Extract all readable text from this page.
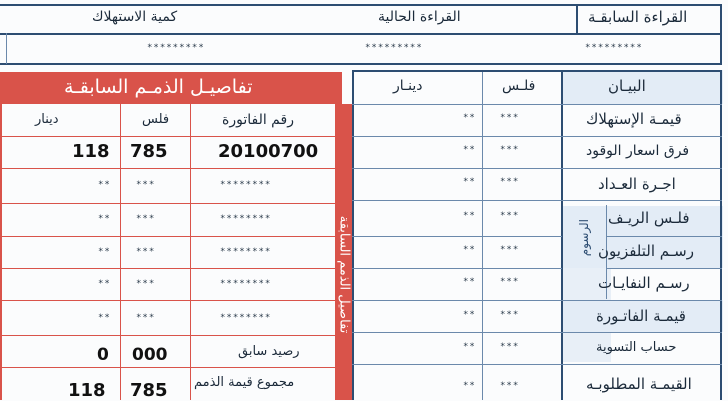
القراءة السابقـة
القراءة الحالية
كمية الاستهلاك
*********
*********
*********
البيـان
فلـس
دينـار
قيمـة الإستهلاك
***
**
فرق اسعار الوقود
***
**
اجـرة العـداد
***
**
فلـس الريـف
***
**
رسـم التلفزيون
***
**
رسـم النفايـات
***
**
قيمـة الفاتـورة
***
**
حساب التسوية
***
**
القيمـة المطلوبـه
***
**
الرسوم
تفاصيـل الذمـم السابقـة
تفاصيل الذمم السابقة
رقم الفاتورة
فلس
دينار
20100700
785
118
********
***
**
********
***
**
********
***
**
********
***
**
********
***
**
رصيد سابق
000
0
مجموع قيمة الذمم
785
118
